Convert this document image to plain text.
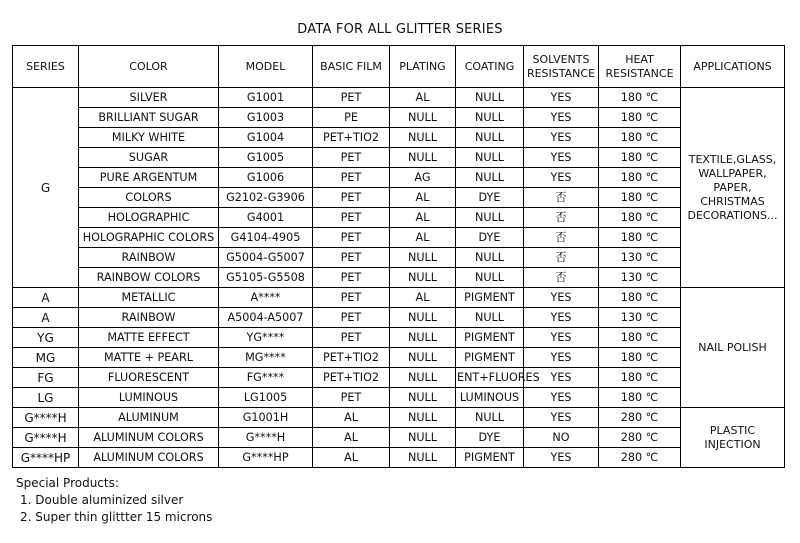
DATA FOR ALL GLITTER SERIES
SERIES	COLOR	MODEL	BASIC FILM	PLATING	COATING	SOLVENTS RESISTANCE	HEAT RESISTANCE	APPLICATIONS
G	SILVER	G1001	PET	AL	NULL	YES	180 ℃	TEXTILE,GLASS, WALLPAPER, PAPER, CHRISTMAS DECORATIONS...
	BRILLIANT SUGAR	G1003	PE	NULL	NULL	YES	180 ℃	
	MILKY WHITE	G1004	PET+TIO2	NULL	NULL	YES	180 ℃	
	SUGAR	G1005	PET	NULL	NULL	YES	180 ℃	
	PURE ARGENTUM	G1006	PET	AG	NULL	YES	180 ℃	
	COLORS	G2102-G3906	PET	AL	DYE	否	180 ℃	
	HOLOGRAPHIC	G4001	PET	AL	NULL	否	180 ℃	
	HOLOGRAPHIC COLORS	G4104-4905	PET	AL	DYE	否	180 ℃	
	RAINBOW	G5004-G5007	PET	NULL	NULL	否	130 ℃	
	RAINBOW COLORS	G5105-G5508	PET	NULL	NULL	否	130 ℃	
A	METALLIC	A****	PET	AL	PIGMENT	YES	180 ℃	NAIL POLISH
A	RAINBOW	A5004-A5007	PET	NULL	NULL	YES	130 ℃	
YG	MATTE EFFECT	YG****	PET	NULL	PIGMENT	YES	180 ℃	
MG	MATTE + PEARL	MG****	PET+TIO2	NULL	PIGMENT	YES	180 ℃	
FG	FLUORESCENT	FG****	PET+TIO2	NULL	ENT+FLUORES	YES	180 ℃	
LG	LUMINOUS	LG1005	PET	NULL	LUMINOUS	YES	180 ℃	
G****H	ALUMINUM	G1001H	AL	NULL	NULL	YES	280 ℃	PLASTIC INJECTION
G****H	ALUMINUM COLORS	G****H	AL	NULL	DYE	NO	280 ℃	
G****HP	ALUMINUM COLORS	G****HP	AL	NULL	PIGMENT	YES	280 ℃	
Special Products:
1. Double aluminized silver
2. Super thin glittter 15 microns
